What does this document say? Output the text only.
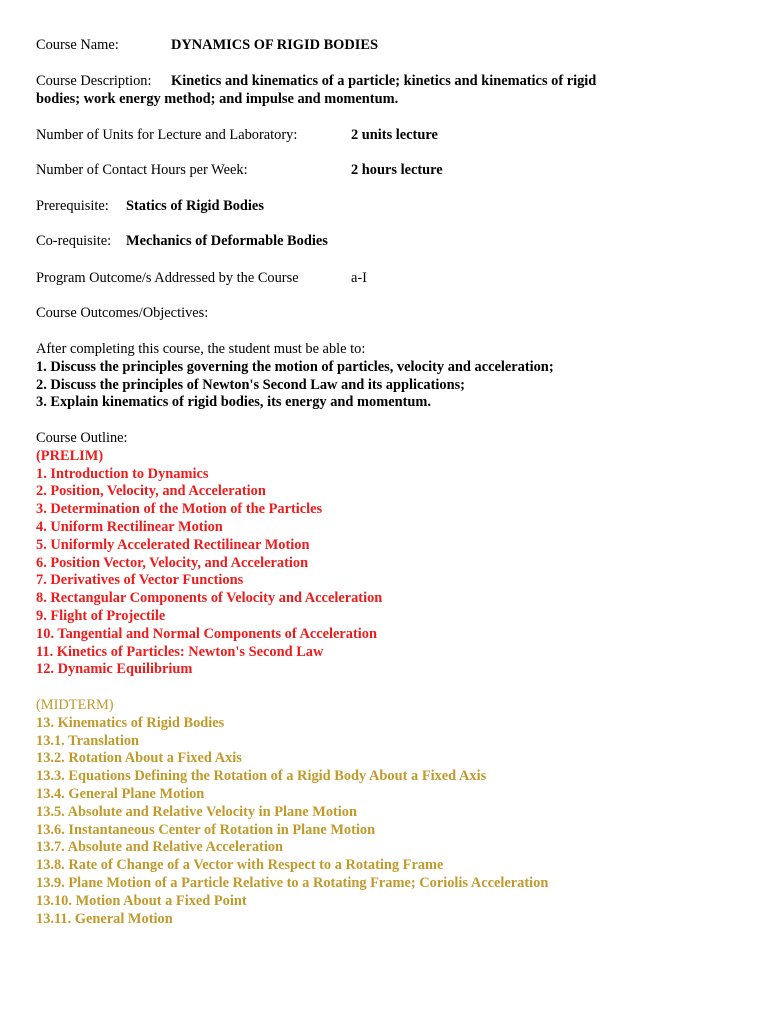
Course Name:	DYNAMICS OF RIGID BODIES
Course Description: Kinetics and kinematics of a particle; kinetics and kinematics of rigid
bodies; work energy method; and impulse and momentum.
Number of Units for Lecture and Laboratory:	2 units lecture
Number of Contact Hours per Week:	2 hours lecture
Prerequisite: Statics of Rigid Bodies
Co-requisite: Mechanics of Deformable Bodies
Program Outcome/s Addressed by the Course	a-I
Course Outcomes/Objectives:
After completing this course, the student must be able to:
1. Discuss the principles governing the motion of particles, velocity and acceleration;
2. Discuss the principles of Newton's Second Law and its applications;
3. Explain kinematics of rigid bodies, its energy and momentum.
Course Outline:
(PRELIM)
1. Introduction to Dynamics
2. Position, Velocity, and Acceleration
3. Determination of the Motion of the Particles
4. Uniform Rectilinear Motion
5. Uniformly Accelerated Rectilinear Motion
6. Position Vector, Velocity, and Acceleration
7. Derivatives of Vector Functions
8. Rectangular Components of Velocity and Acceleration
9. Flight of Projectile
10. Tangential and Normal Components of Acceleration
11. Kinetics of Particles: Newton's Second Law
12. Dynamic Equilibrium
(MIDTERM)
13. Kinematics of Rigid Bodies
13.1. Translation
13.2. Rotation About a Fixed Axis
13.3. Equations Defining the Rotation of a Rigid Body About a Fixed Axis
13.4. General Plane Motion
13.5. Absolute and Relative Velocity in Plane Motion
13.6. Instantaneous Center of Rotation in Plane Motion
13.7. Absolute and Relative Acceleration
13.8. Rate of Change of a Vector with Respect to a Rotating Frame
13.9. Plane Motion of a Particle Relative to a Rotating Frame; Coriolis Acceleration
13.10. Motion About a Fixed Point
13.11. General Motion
